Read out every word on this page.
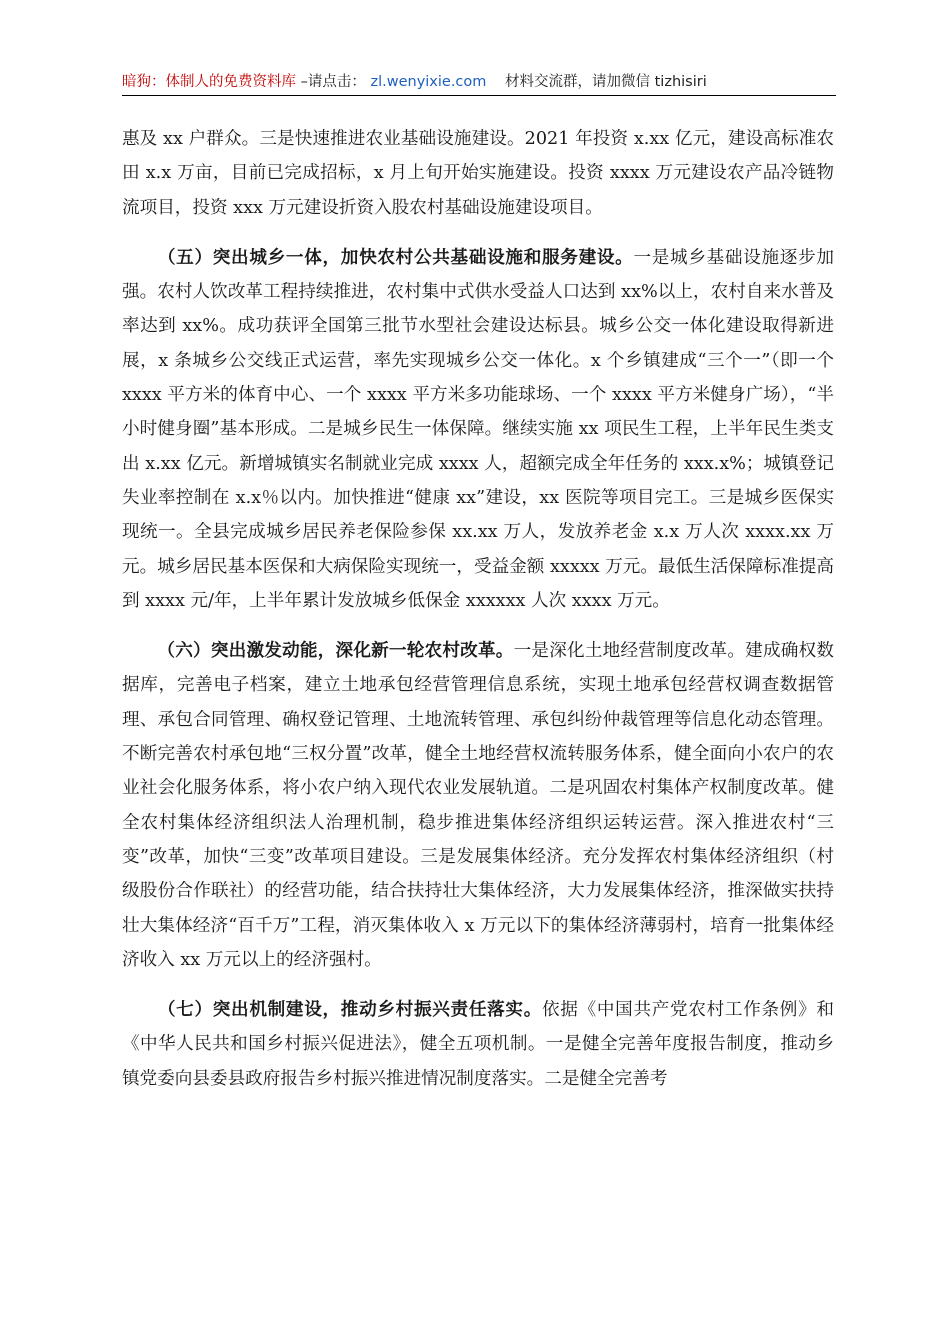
暗狗：体制人的免费资料库 –请点击： zl.wenyixie.com 材料交流群，请加微信 tizhisiri

惠及 xx 户群众。三是快速推进农业基础设施建设。2021 年投资 x.xx 亿元，建设高标准农田 x.x 万亩，目前已完成招标，x 月上旬开始实施建设。投资 xxxx 万元建设农产品冷链物流项目，投资 xxx 万元建设折资入股农村基础设施建设项目。

（五）突出城乡一体，加快农村公共基础设施和服务建设。一是城乡基础设施逐步加强。农村人饮改革工程持续推进，农村集中式供水受益人口达到 xx%以上，农村自来水普及率达到 xx%。成功获评全国第三批节水型社会建设达标县。城乡公交一体化建设取得新进展，x 条城乡公交线正式运营，率先实现城乡公交一体化。x 个乡镇建成“三个一”（即一个 xxxx 平方米的体育中心、一个 xxxx 平方米多功能球场、一个 xxxx 平方米健身广场），“半小时健身圈”基本形成。二是城乡民生一体保障。继续实施 xx 项民生工程，上半年民生类支出 x.xx 亿元。新增城镇实名制就业完成 xxxx 人，超额完成全年任务的 xxx.x%；城镇登记失业率控制在 x.x％以内。加快推进“健康 xx”建设，xx 医院等项目完工。三是城乡医保实现统一。全县完成城乡居民养老保险参保 xx.xx 万人，发放养老金 x.x 万人次 xxxx.xx 万元。城乡居民基本医保和大病保险实现统一，受益金额 xxxxx 万元。最低生活保障标准提高到 xxxx 元/年，上半年累计发放城乡低保金 xxxxxx 人次 xxxx 万元。

（六）突出激发动能，深化新一轮农村改革。一是深化土地经营制度改革。建成确权数据库，完善电子档案，建立土地承包经营管理信息系统，实现土地承包经营权调查数据管理、承包合同管理、确权登记管理、土地流转管理、承包纠纷仲裁管理等信息化动态管理。不断完善农村承包地“三权分置”改革，健全土地经营权流转服务体系，健全面向小农户的农业社会化服务体系，将小农户纳入现代农业发展轨道。二是巩固农村集体产权制度改革。健全农村集体经济组织法人治理机制，稳步推进集体经济组织运转运营。深入推进农村“三变”改革，加快“三变”改革项目建设。三是发展集体经济。充分发挥农村集体经济组织（村级股份合作联社）的经营功能，结合扶持壮大集体经济，大力发展集体经济，推深做实扶持壮大集体经济“百千万”工程，消灭集体收入 x 万元以下的集体经济薄弱村，培育一批集体经济收入 xx 万元以上的经济强村。

（七）突出机制建设，推动乡村振兴责任落实。依据《中国共产党农村工作条例》和《中华人民共和国乡村振兴促进法》，健全五项机制。一是健全完善年度报告制度，推动乡镇党委向县委县政府报告乡村振兴推进情况制度落实。二是健全完善考
